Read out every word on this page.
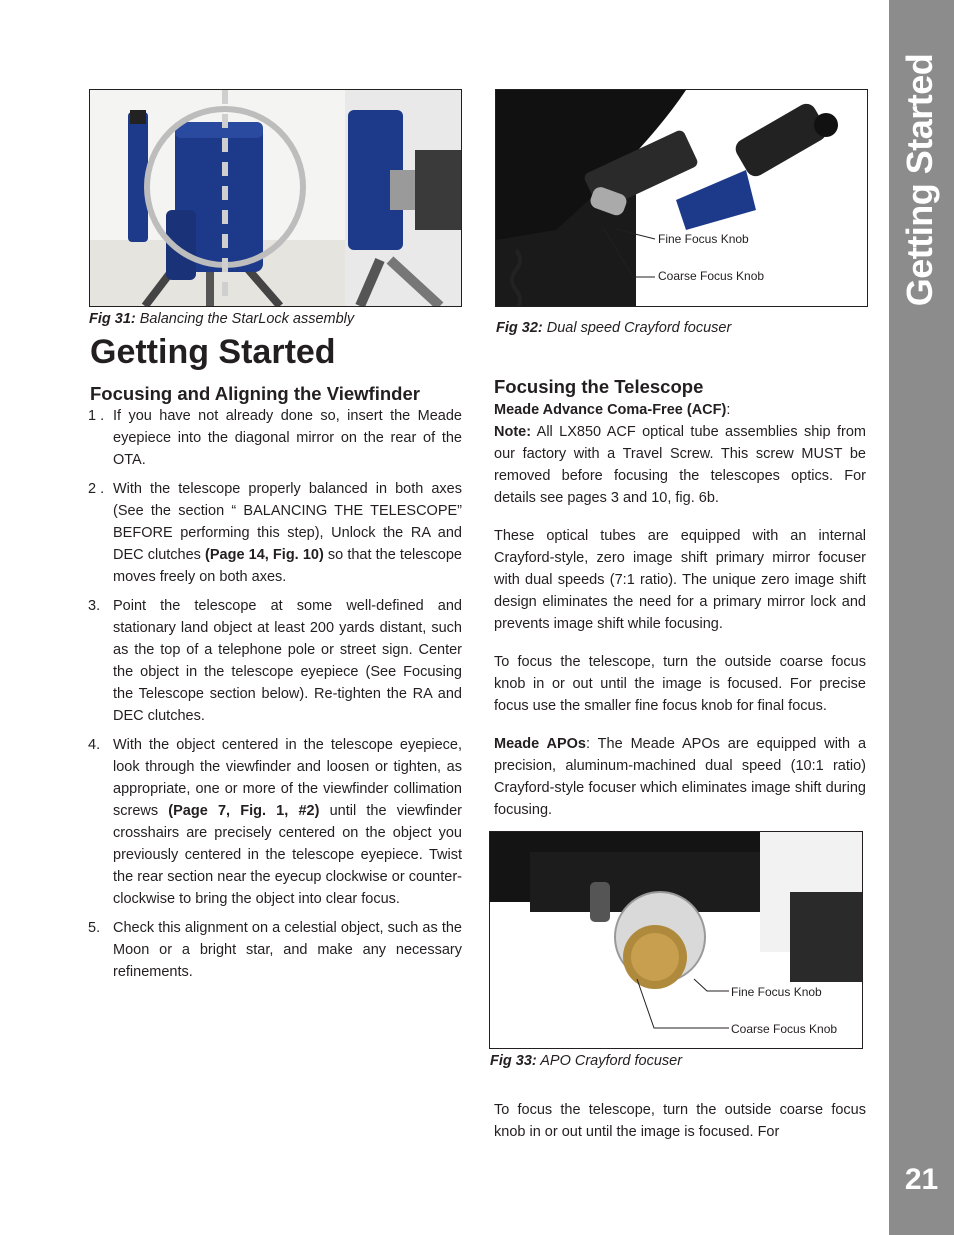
Getting Started
21
Fig 31: Balancing the StarLock assembly
Fine Focus Knob
Coarse Focus Knob
Fig 32: Dual speed Crayford focuser
Getting Started
Focusing and Aligning the Viewfinder
1 . If you have not already done so, insert the Meade eyepiece into the diagonal mirror on the rear of the OTA.
2 . With the telescope properly balanced in both axes (See the section “ BALANCING THE TELESCOPE” BEFORE performing this step), Unlock the RA and DEC clutches (Page 14, Fig. 10) so that the telescope moves freely on both axes.
3. Point the telescope at some well-defined and stationary land object at least 200 yards distant, such as the top of a telephone pole or street sign. Center the object in the telescope eyepiece (See Focusing the Telescope section below). Re-tighten the RA and DEC clutches.
4. With the object centered in the telescope eyepiece, look through the viewfinder and loosen or tighten, as appropriate, one or more of the viewfinder collimation screws (Page 7, Fig. 1, #2) until the viewfinder crosshairs are precisely centered on the object you previously centered in the telescope eyepiece. Twist the rear section near the eyecup clockwise or counter-clockwise to bring the object into clear focus.
5. Check this alignment on a celestial object, such as the Moon or a bright star, and make any necessary refinements.
Focusing the Telescope

Meade Advance Coma-Free (ACF):

Note: All LX850 ACF optical tube assemblies ship from our factory with a Travel Screw. This screw MUST be removed before focusing the telescopes optics. For details see pages 3 and 10, fig. 6b.

These optical tubes are equipped with an internal Crayford-style, zero image shift primary mirror focuser with dual speeds (7:1 ratio). The unique zero image shift design eliminates the need for a primary mirror lock and prevents image shift while focusing.

To focus the telescope, turn the outside coarse focus knob in or out until the image is focused. For precise focus use the smaller fine focus knob for final focus.

Meade APOs: The Meade APOs are equipped with a precision, aluminum-machined dual speed (10:1 ratio) Crayford-style focuser which eliminates image shift during focusing.

Fine Focus Knob
Coarse Focus Knob
Fig 33: APO Crayford focuser

To focus the telescope, turn the outside coarse focus knob in or out until the image is focused. For
